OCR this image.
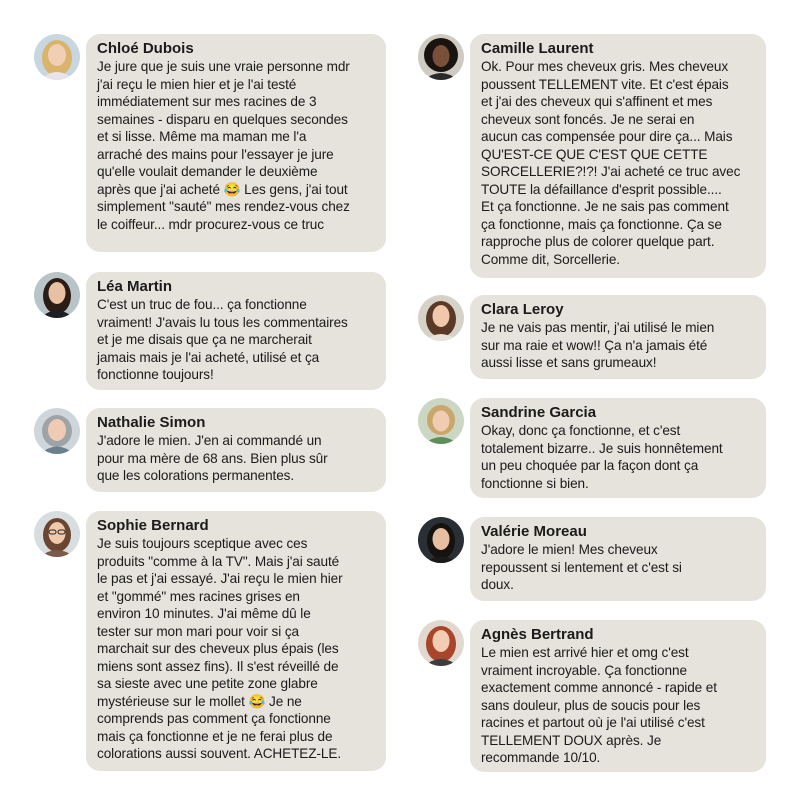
Chloé Dubois
Je jure que je suis une vraie personne mdr
j'ai reçu le mien hier et je l'ai testé
immédiatement sur mes racines de 3
semaines - disparu en quelques secondes
et si lisse. Même ma maman me l'a
arraché des mains pour l'essayer je jure
qu'elle voulait demander le deuxième
après que j'ai acheté 😂 Les gens, j'ai tout
simplement "sauté" mes rendez-vous chez
le coiffeur... mdr procurez-vous ce truc
Léa Martin
C'est un truc de fou... ça fonctionne
vraiment! J'avais lu tous les commentaires
et je me disais que ça ne marcherait
jamais mais je l'ai acheté, utilisé et ça
fonctionne toujours!
Nathalie Simon
J'adore le mien. J'en ai commandé un
pour ma mère de 68 ans. Bien plus sûr
que les colorations permanentes.
Sophie Bernard
Je suis toujours sceptique avec ces
produits "comme à la TV". Mais j'ai sauté
le pas et j'ai essayé. J'ai reçu le mien hier
et "gommé" mes racines grises en
environ 10 minutes. J'ai même dû le
tester sur mon mari pour voir si ça
marchait sur des cheveux plus épais (les
miens sont assez fins). Il s'est réveillé de
sa sieste avec une petite zone glabre
mystérieuse sur le mollet 😂 Je ne
comprends pas comment ça fonctionne
mais ça fonctionne et je ne ferai plus de
colorations aussi souvent. ACHETEZ-LE.
Camille Laurent
Ok. Pour mes cheveux gris. Mes cheveux
poussent TELLEMENT vite. Et c'est épais
et j'ai des cheveux qui s'affinent et mes
cheveux sont foncés. Je ne serai en
aucun cas compensée pour dire ça... Mais
QU'EST-CE QUE C'EST QUE CETTE
SORCELLERIE?!?! J'ai acheté ce truc avec
TOUTE la défaillance d'esprit possible....
Et ça fonctionne. Je ne sais pas comment
ça fonctionne, mais ça fonctionne. Ça se
rapproche plus de colorer quelque part.
Comme dit, Sorcellerie.
Clara Leroy
Je ne vais pas mentir, j'ai utilisé le mien
sur ma raie et wow!! Ça n'a jamais été
aussi lisse et sans grumeaux!
Sandrine Garcia
Okay, donc ça fonctionne, et c'est
totalement bizarre.. Je suis honnêtement
un peu choquée par la façon dont ça
fonctionne si bien.
Valérie Moreau
J'adore le mien! Mes cheveux
repoussent si lentement et c'est si
doux.
Agnès Bertrand
Le mien est arrivé hier et omg c'est
vraiment incroyable. Ça fonctionne
exactement comme annoncé - rapide et
sans douleur, plus de soucis pour les
racines et partout où je l'ai utilisé c'est
TELLEMENT DOUX après. Je
recommande 10/10.
